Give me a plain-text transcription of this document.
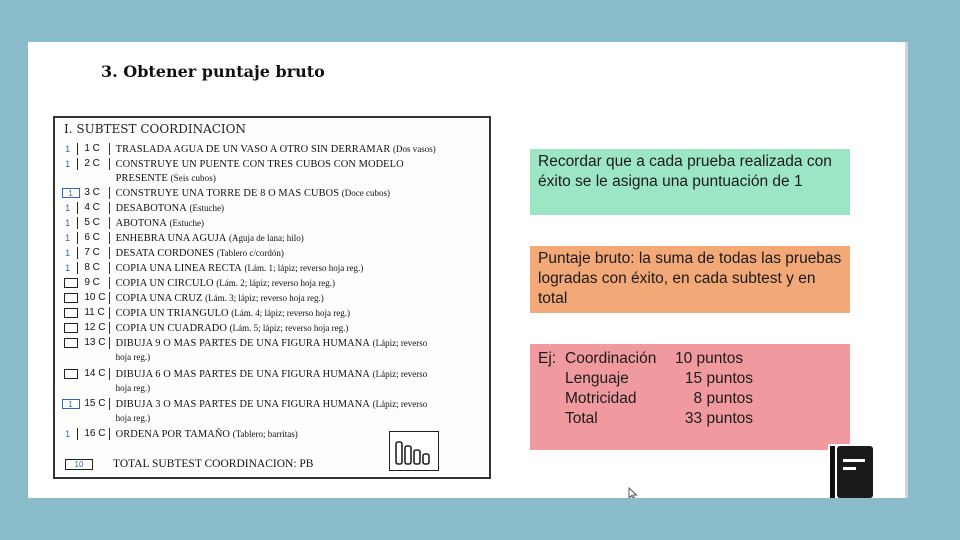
3. Obtener puntaje bruto
I. SUBTEST COORDINACION
1 1 C	TRASLADA AGUA DE UN VASO A OTRO SIN DERRAMAR (Dos vasos)
1 2 C	CONSTRUYE UN PUENTE CON TRES CUBOS CON MODELO
PRESENTE (Seis cubos)
1	3 C	CONSTRUYE UNA TORRE DE 8 O MAS CUBOS (Doce cubos)
1 4 C	DESABOTONA (Estuche)
1 5 C	ABOTONA (Estuche)
1 6 C	ENHEBRA UNA AGUJA (Aguja de lana; hilo)
1 7 C	DESATA CORDONES (Tablero c/cordón)
1 8 C	COPIA UNA LINEA RECTA (Lám. 1; lápiz; reverso hoja reg.)
9 C	COPIA UN CIRCULO (Lám. 2; lápiz; reverso hoja reg.)
10 C COPIA UNA CRUZ (Lám. 3; lápiz; reverso hoja reg.)
11 C	COPIA UN TRIANGULO (Lám. 4; lápiz; reverso hoja reg.)
12 C COPIA UN CUADRADO (Lám. 5; lápiz; reverso hoja reg.)
13 C DIBUJA 9 O MAS PARTES DE UNA FIGURA HUMANA (Lápiz; reverso
hoja reg.)
14 C DIBUJA 6 O MAS PARTES DE UNA FIGURA HUMANA (Lápiz; reverso
hoja reg.)
1	15 C DIBUJA 3 O MAS PARTES DE UNA FIGURA HUMANA (Lápiz; reverso
hoja reg.)
1 16 C ORDENA POR TAMAÑO (Tablero; barritas)
10	TOTAL SUBTEST COORDINACION: PB
Recordar que a cada prueba realizada con éxito se le asigna una puntuación de 1
Puntaje bruto: la suma de todas las pruebas logradas con éxito, en cada subtest y en total
Ej: Coordinación	10 puntos
Lenguaje	15 puntos
Motricidad	8 puntos
Total	33 puntos
